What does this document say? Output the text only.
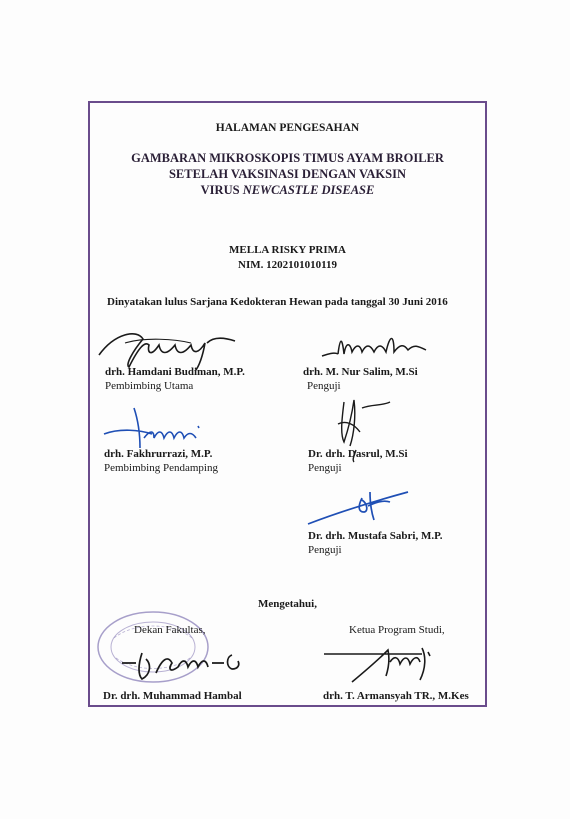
HALAMAN PENGESAHAN
GAMBARAN MIKROSKOPIS TIMUS AYAM BROILER
SETELAH VAKSINASI DENGAN VAKSIN
VIRUS NEWCASTLE DISEASE
MELLA RISKY PRIMA
NIM. 1202101010119
Dinyatakan lulus Sarjana Kedokteran Hewan pada tanggal 30 Juni 2016
drh. Hamdani Budiman, M.P.
Pembimbing Utama
drh. M. Nur Salim, M.Si
Penguji
drh. Fakhrurrazi, M.P.
Pembimbing Pendamping
Dr. drh. Dasrul, M.Si
Penguji
Dr. drh. Mustafa Sabri, M.P.
Penguji
Mengetahui,
Dekan Fakultas,	Ketua Program Studi,
Dr. drh. Muhammad Hambal	drh. T. Armansyah TR., M.Kes
